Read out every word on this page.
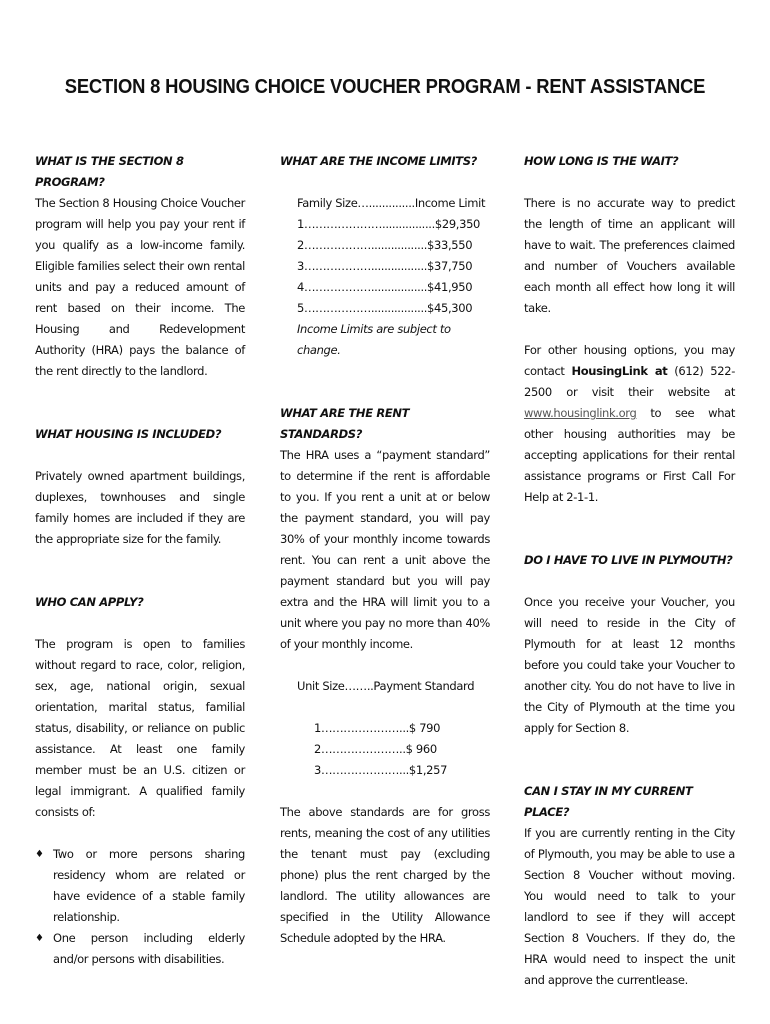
SECTION 8 HOUSING CHOICE VOUCHER PROGRAM - RENT ASSISTANCE
WHAT IS THE SECTION 8 PROGRAM?
The Section 8 Housing Choice Voucher program will help you pay your rent if you qualify as a low-income family. Eligible families select their own rental units and pay a reduced amount of rent based on their income. The Housing and Redevelopment Authority (HRA) pays the balance of the rent directly to the landlord.
WHAT HOUSING IS INCLUDED?
Privately owned apartment buildings, duplexes, townhouses and single family homes are included if they are the appropriate size for the family.
WHO CAN APPLY?
The program is open to families without regard to race, color, religion, sex, age, national origin, sexual orientation, marital status, familial status, disability, or reliance on public assistance. At least one family member must be an U.S. citizen or legal immigrant. A qualified family consists of:
♦ Two or more persons sharing residency whom are related or have evidence of a stable family relationship.
♦ One person including elderly and/or persons with disabilities.
WHAT ARE THE INCOME LIMITS?
Family Size…..............Income Limit
1…………………................$29,350
2……………….................$33,550
3……………….................$37,750
4……………….................$41,950
5……………….................$45,300
Income Limits are subject to change.
WHAT ARE THE RENT STANDARDS?
The HRA uses a “payment standard” to determine if the rent is affordable to you. If you rent a unit at or below the payment standard, you will pay 30% of your monthly income towards rent. You can rent a unit above the payment standard but you will pay extra and the HRA will limit you to a unit where you pay no more than 40% of your monthly income.
Unit Size……..Payment Standard
1…………………...$ 790
2…………………..$ 960
3…………………...$1,257
The above standards are for gross rents, meaning the cost of any utilities the tenant must pay (excluding phone) plus the rent charged by the landlord. The utility allowances are specified in the Utility Allowance Schedule adopted by the HRA.
HOW LONG IS THE WAIT?
There is no accurate way to predict the length of time an applicant will have to wait. The preferences claimed and number of Vouchers available each month all effect how long it will take.
For other housing options, you may contact HousingLink at (612) 522-2500 or visit their website at www.housinglink.org to see what other housing authorities may be accepting applications for their rental assistance programs or First Call For Help at 2-1-1.
DO I HAVE TO LIVE IN PLYMOUTH?
Once you receive your Voucher, you will need to reside in the City of Plymouth for at least 12 months before you could take your Voucher to another city. You do not have to live in the City of Plymouth at the time you apply for Section 8.
CAN I STAY IN MY CURRENT PLACE?
If you are currently renting in the City of Plymouth, you may be able to use a Section 8 Voucher without moving. You would need to talk to your landlord to see if they will accept Section 8 Vouchers. If they do, the HRA would need to inspect the unit and approve the currentlease.
